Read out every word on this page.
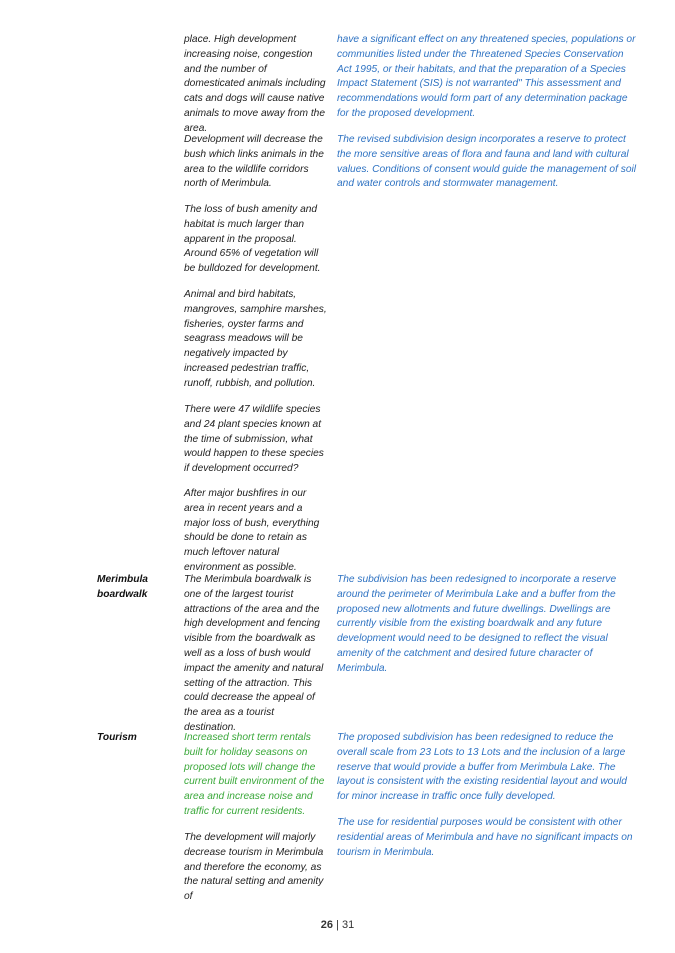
place. High development increasing noise, congestion and the number of domesticated animals including cats and dogs will cause native animals to move away from the area.

have a significant effect on any threatened species, populations or communities listed under the Threatened Species Conservation Act 1995, or their habitats, and that the preparation of a Species Impact Statement (SIS) is not warranted" This assessment and recommendations would form part of any determination package for the proposed development.

Development will decrease the bush which links animals in the area to the wildlife corridors north of Merimbula.

The revised subdivision design incorporates a reserve to protect the more sensitive areas of flora and fauna and land with cultural values. Conditions of consent would guide the management of soil and water controls and stormwater management.

The loss of bush amenity and habitat is much larger than apparent in the proposal. Around 65% of vegetation will be bulldozed for development.

Animal and bird habitats, mangroves, samphire marshes, fisheries, oyster farms and seagrass meadows will be negatively impacted by increased pedestrian traffic, runoff, rubbish, and pollution.

There were 47 wildlife species and 24 plant species known at the time of submission, what would happen to these species if development occurred?

After major bushfires in our area in recent years and a major loss of bush, everything should be done to retain as much leftover natural environment as possible.

Merimbula boardwalk

The Merimbula boardwalk is one of the largest tourist attractions of the area and the high development and fencing visible from the boardwalk as well as a loss of bush would impact the amenity and natural setting of the attraction. This could decrease the appeal of the area as a tourist destination.

The subdivision has been redesigned to incorporate a reserve around the perimeter of Merimbula Lake and a buffer from the proposed new allotments and future dwellings. Dwellings are currently visible from the existing boardwalk and any future development would need to be designed to reflect the visual amenity of the catchment and desired future character of Merimbula.

Tourism	Increased short term rentals built for holiday seasons on proposed lots will change the current built environment of the area and increase noise and traffic for current residents.

The proposed subdivision has been redesigned to reduce the overall scale from 23 Lots to 13 Lots and the inclusion of a large reserve that would provide a buffer from Merimbula Lake. The layout is consistent with the existing residential layout and would for minor increase in traffic once fully developed.

The development will majorly decrease tourism in Merimbula and therefore the economy, as the natural setting and amenity of

The use for residential purposes would be consistent with other residential areas of Merimbula and have no significant impacts on tourism in Merimbula.

26 | 31
